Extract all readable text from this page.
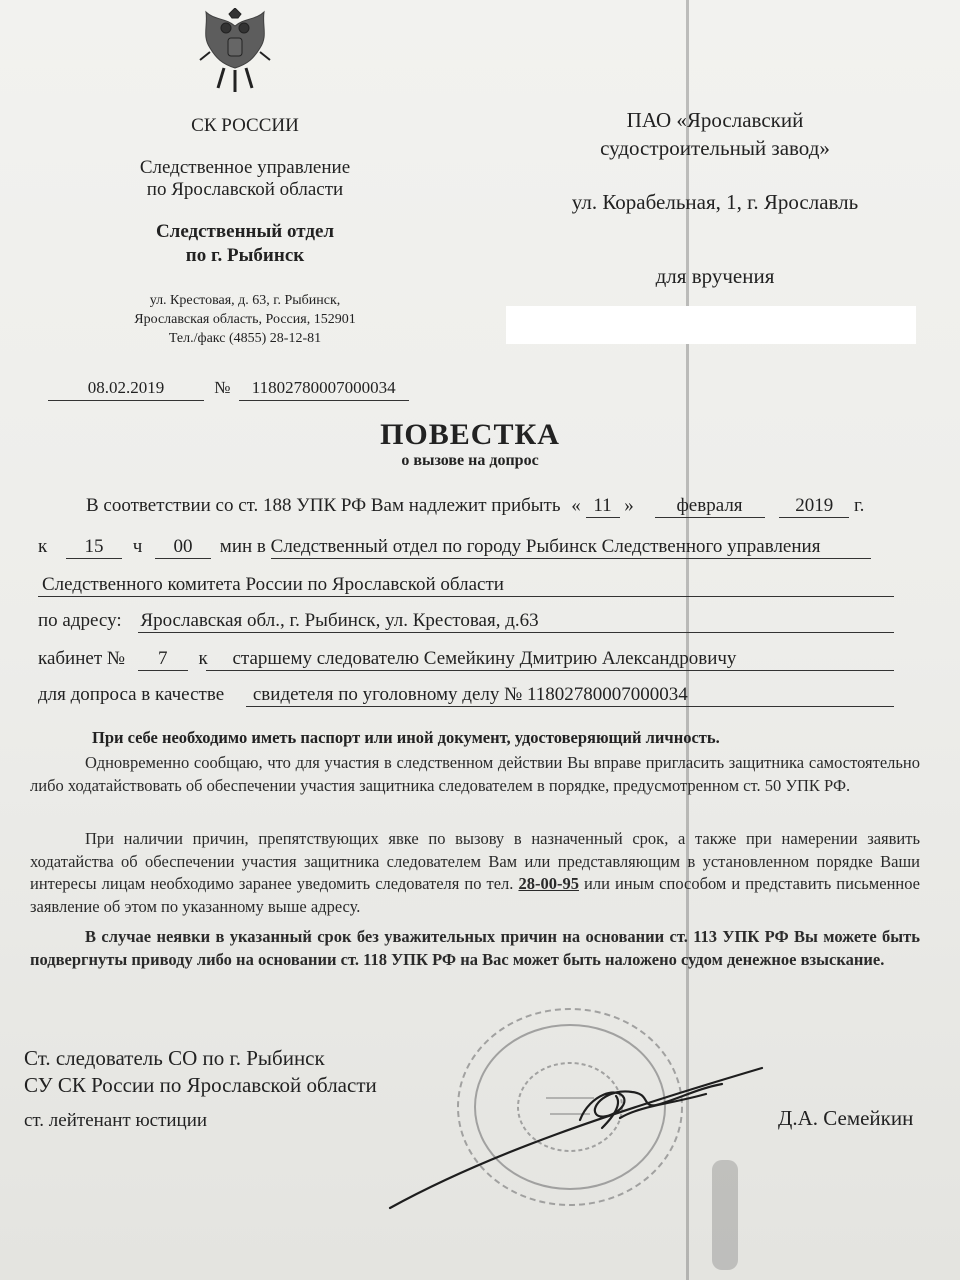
СК РОССИИ
Следственное управление
по Ярославской области
Следственный отдел
по г. Рыбинск
ул. Крестовая, д. 63, г. Рыбинск,
Ярославская область, Россия, 152901
Тел./факс (4855) 28-12-81
ПАО «Ярославский
судостроительный завод»
ул. Корабельная, 1, г. Ярославль
для вручения
08.02.2019	№ 11802780007000034
ПОВЕСТКА
о вызове на допрос
В соответствии со ст. 188 УПК РФ Вам надлежит прибыть « 11 » февраля	2019 г.
к 15 ч 00 мин в Следственный отдел по городу Рыбинск Следственного управления
Следственного комитета России по Ярославской области
по адресу: Ярославская обл., г. Рыбинск, ул. Крестовая, д.63
кабинет № 7 к старшему следователю Семейкину Дмитрию Александровичу
для допроса в качестве свидетеля по уголовному делу № 11802780007000034
При себе необходимо иметь паспорт или иной документ, удостоверяющий личность.
Одновременно сообщаю, что для участия в следственном действии Вы вправе пригласить защитника самостоятельно либо ходатайствовать об обеспечении участия защитника следователем в порядке, предусмотренном ст. 50 УПК РФ.
При наличии причин, препятствующих явке по вызову в назначенный срок, а также при намерении заявить ходатайства об обеспечении участия защитника следователем Вам или представляющим в установленном порядке Ваши интересы лицам необходимо заранее уведомить следователя по тел. 28-00-95 или иным способом и представить письменное заявление об этом по указанному выше адресу.
В случае неявки в указанный срок без уважительных причин на основании ст. 113 УПК РФ Вы можете быть подвергнуты приводу либо на основании ст. 118 УПК РФ на Вас может быть наложено судом денежное взыскание.
Ст. следователь СО по г. Рыбинск
СУ СК России по Ярославской области
ст. лейтенант юстиции	Д.А. Семейкин
